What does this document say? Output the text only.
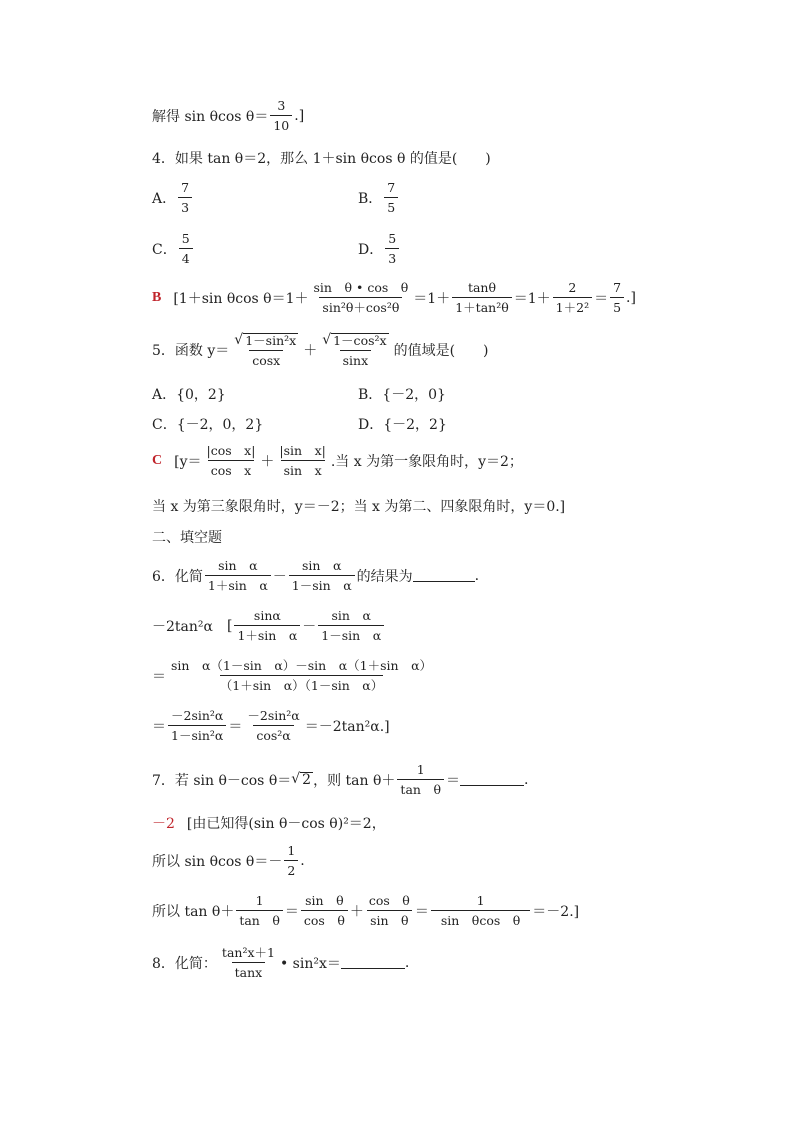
解得 sin θcos $\theta= \frac{3}{10}$ .]
4．如果 tan θ＝2，那么 1＋sin θcos θ 的值是(　　)
A． $\frac{7}{3}$	B． $\frac{7}{5}$
C． $\frac{5}{4}$	D． $\frac{5}{3}$
B [1＋sin θcos $\theta=1+ \frac{\text{sin　θ • cos　θ}}{\text{sin²θ＋cos²θ}} =1+ \frac{\tan\theta}{\text{1＋tan²θ}} =1+ \frac{2}{\text{1＋2²}} = \frac{7}{5}$ .]
5．函数 $y= \frac{\text{√ 1－sin²x}}{\cos x} + \frac{\text{√ 1－cos²x}}{\sin x}$ 的值域是(　　)
A．{0，2}	B．{－2，0}
C．{－2，0，2}	D．{－2，2}
C [$y= \frac{\text{|cos　x|}}{\text{cos　x}} + \frac{\text{|sin　x|}}{\text{sin　x}}$ .当 x 为第一象限角时，y＝2；
当 x 为第三象限角时，y＝－2；当 x 为第二、四象限角时，y＝0.]
二、填空题
6．化简 $\frac{\text{sin　α}}{\text{1＋sin　α}} - \frac{\text{sin　α}}{\text{1－sin　α}}$ 的结果为	.
－2tan²α [ $\frac{\sin\alpha}{\text{1＋sin　α}} - \frac{\text{sin　α}}{\text{1－sin　α}}$
＝ $\frac{\text{sin　α（1－sin　α）－sin　α（1＋sin　α）}}{\text{（1＋sin　α）（1－sin　α）}}$
＝ $\frac{\text{－2sin²α}}{\text{1－sin²α}} = \frac{\text{－2sin²α}}{\text{cos²α}} =-2\tan^2\alpha$.]
7．若 sin θ－cos θ＝ √ 2 ，则 $\tan \theta+ \frac{1}{\text{tan　θ}}$ ＝	.
－2 [由已知得(sin θ－cos θ)²＝2，
所以 sin θcos $\theta=- \frac{1}{2}$ .
所以 $\tan \theta+ \frac{1}{\text{tan　θ}} = \frac{\text{sin　θ}}{\text{cos　θ}} + \frac{\text{cos　θ}}{\text{sin　θ}} = \frac{1}{\text{sin　θcos　θ}} =-2$.]
8．化简： $\frac{\text{tan²x＋1}}{\tan x}$ • sin²x＝	.
